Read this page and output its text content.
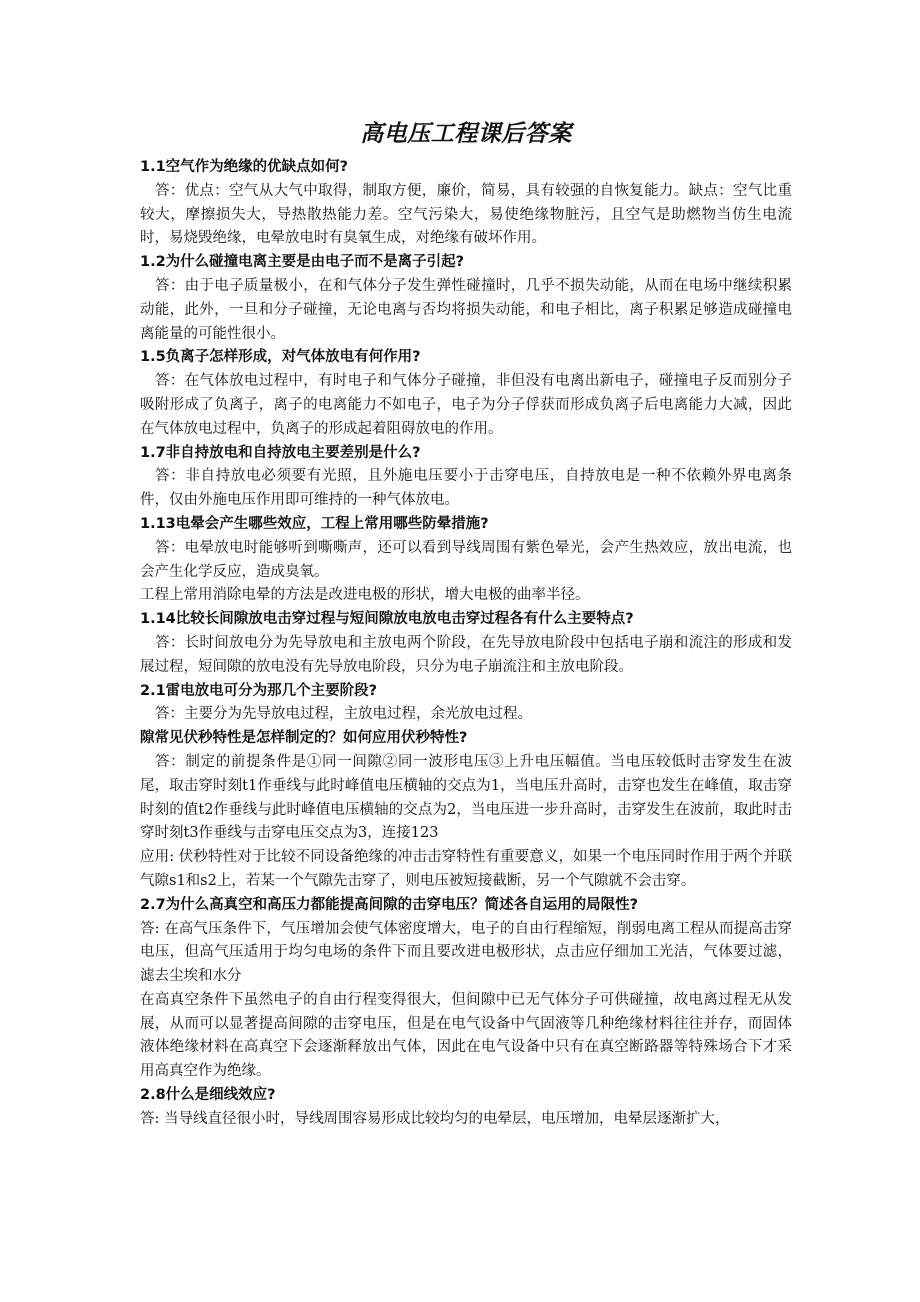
高电压工程课后答案

1.1空气作为绝缘的优缺点如何?

答：优点：空气从大气中取得，制取方便，廉价，简易，具有较强的自恢复能力。缺点：空气比重较大，摩擦损失大，导热散热能力差。空气污染大，易使绝缘物脏污，且空气是助燃物当仿生电流时，易烧毁绝缘，电晕放电时有臭氧生成，对绝缘有破坏作用。

1.2为什么碰撞电离主要是由电子而不是离子引起?

答：由于电子质量极小，在和气体分子发生弹性碰撞时，几乎不损失动能，从而在电场中继续积累动能，此外，一旦和分子碰撞，无论电离与否均将损失动能，和电子相比，离子积累足够造成碰撞电离能量的可能性很小。

1.5负离子怎样形成，对气体放电有何作用?

答：在气体放电过程中，有时电子和气体分子碰撞，非但没有电离出新电子，碰撞电子反而别分子吸附形成了负离子，离子的电离能力不如电子，电子为分子俘获而形成负离子后电离能力大减，因此在气体放电过程中，负离子的形成起着阻碍放电的作用。

1.7非自持放电和自持放电主要差别是什么?

答：非自持放电必须要有光照，且外施电压要小于击穿电压，自持放电是一种不依赖外界电离条件，仅由外施电压作用即可维持的一种气体放电。

1.13电晕会产生哪些效应，工程上常用哪些防晕措施?

答：电晕放电时能够听到嘶嘶声，还可以看到导线周围有紫色晕光，会产生热效应，放出电流，也会产生化学反应，造成臭氧。

工程上常用消除电晕的方法是改进电极的形状，增大电极的曲率半径。

1.14比较长间隙放电击穿过程与短间隙放电放电击穿过程各有什么主要特点?

答：长时间放电分为先导放电和主放电两个阶段，在先导放电阶段中包括电子崩和流注的形成和发展过程，短间隙的放电没有先导放电阶段，只分为电子崩流注和主放电阶段。

2.1雷电放电可分为那几个主要阶段?

答：主要分为先导放电过程，主放电过程，余光放电过程。

隙常见伏秒特性是怎样制定的？如何应用伏秒特性?

答：制定的前提条件是①同一间隙②同一波形电压③上升电压幅值。当电压较低时击穿发生在波尾，取击穿时刻t1作垂线与此时峰值电压横轴的交点为1，当电压升高时，击穿也发生在峰值，取击穿时刻的值t2作垂线与此时峰值电压横轴的交点为2，当电压进一步升高时，击穿发生在波前，取此时击穿时刻t3作垂线与击穿电压交点为3，连接123

应用: 伏秒特性对于比较不同设备绝缘的冲击击穿特性有重要意义，如果一个电压同时作用于两个并联气隙s1和s2上，若某一个气隙先击穿了，则电压被短接截断，另一个气隙就不会击穿。

2.7为什么高真空和高压力都能提高间隙的击穿电压？简述各自运用的局限性?

答: 在高气压条件下，气压增加会使气体密度增大，电子的自由行程缩短，削弱电离工程从而提高击穿电压，但高气压适用于均匀电场的条件下而且要改进电极形状，点击应仔细加工光洁，气体要过滤，滤去尘埃和水分

在高真空条件下虽然电子的自由行程变得很大，但间隙中已无气体分子可供碰撞，故电离过程无从发展，从而可以显著提高间隙的击穿电压，但是在电气设备中气固液等几种绝缘材料往往并存，而固体液体绝缘材料在高真空下会逐渐释放出气体，因此在电气设备中只有在真空断路器等特殊场合下才采用高真空作为绝缘。

2.8什么是细线效应?

答: 当导线直径很小时，导线周围容易形成比较均匀的电晕层，电压增加，电晕层逐渐扩大，
